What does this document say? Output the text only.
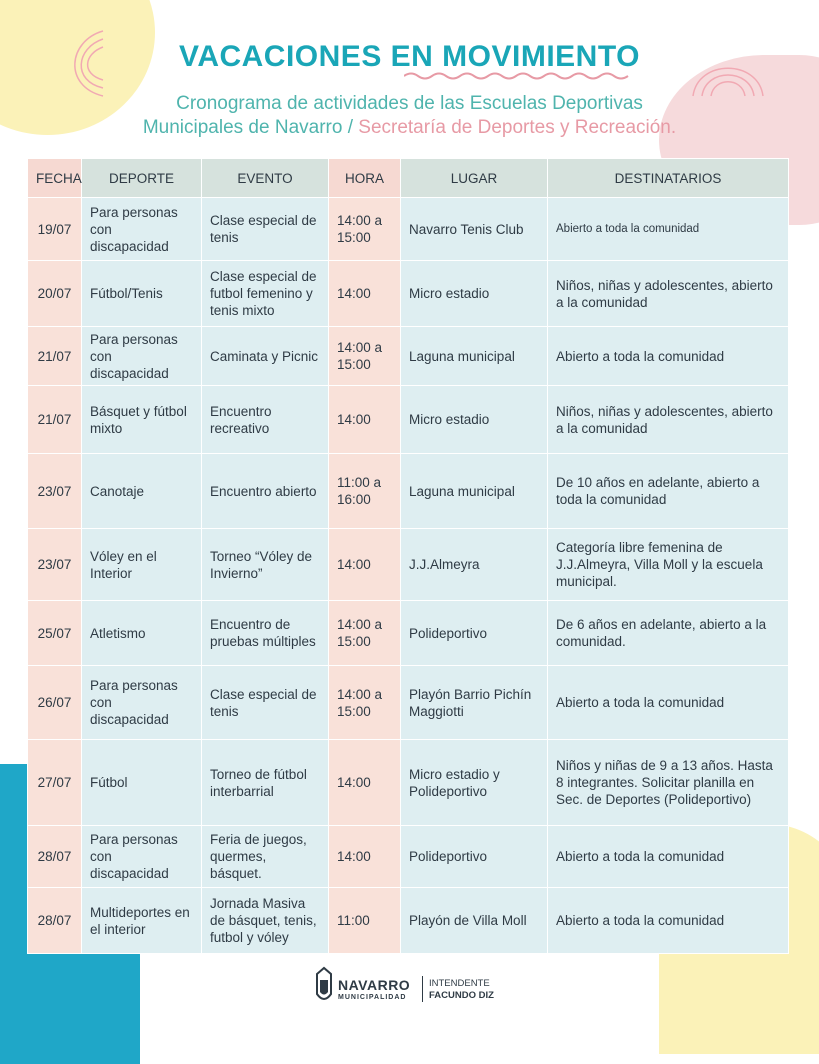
VACACIONES EN MOVIMIENTO
Cronograma de actividades de las Escuelas Deportivas
Municipales de Navarro / Secretaría de Deportes y Recreación.
FECHA	DEPORTE	EVENTO	HORA	LUGAR	DESTINATARIOS
19/07	Para personas con discapacidad	Clase especial de tenis	14:00 a 15:00	Navarro Tenis Club	Abierto a toda la comunidad
20/07	Fútbol/Tenis	Clase especial de futbol femenino y tenis mixto	14:00	Micro estadio	Niños, niñas y adolescentes, abierto a la comunidad
21/07	Para personas con discapacidad	Caminata y Picnic	14:00 a 15:00	Laguna municipal	Abierto a toda la comunidad
21/07	Básquet y fútbol mixto	Encuentro recreativo	14:00	Micro estadio	Niños, niñas y adolescentes, abierto a la comunidad
23/07	Canotaje	Encuentro abierto	11:00 a 16:00	Laguna municipal	De 10 años en adelante, abierto a toda la comunidad
23/07	Vóley en el Interior	Torneo “Vóley de Invierno”	14:00	J.J.Almeyra	Categoría libre femenina de J.J.Almeyra, Villa Moll y la escuela municipal.
25/07	Atletismo	Encuentro de pruebas múltiples	14:00 a 15:00	Polideportivo	De 6 años en adelante, abierto a la comunidad.
26/07	Para personas con discapacidad	Clase especial de tenis	14:00 a 15:00	Playón Barrio Pichín Maggiotti	Abierto a toda la comunidad
27/07	Fútbol	Torneo de fútbol interbarrial	14:00	Micro estadio y Polideportivo	Niños y niñas de 9 a 13 años. Hasta 8 integrantes. Solicitar planilla en Sec. de Deportes (Polideportivo)
28/07	Para personas con discapacidad	Feria de juegos, quermes, básquet.	14:00	Polideportivo	Abierto a toda la comunidad
28/07	Multideportes en el interior	Jornada Masiva de básquet, tenis, futbol y vóley	11:00	Playón de Villa Moll	Abierto a toda la comunidad
NAVARRO
MUNICIPALIDAD
INTENDENTE
FACUNDO DIZ
